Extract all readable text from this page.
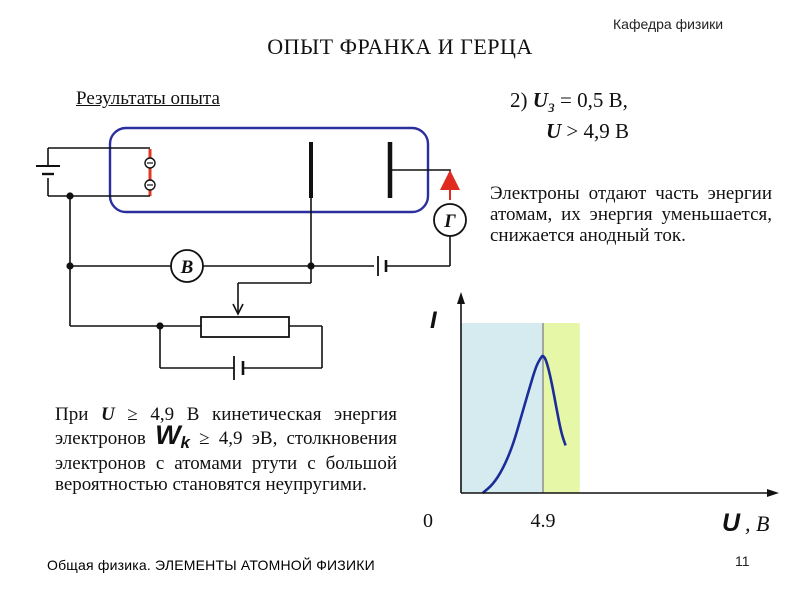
Кафедра физики
ОПЫТ ФРАНКА И ГЕРЦА
Результаты опыта	2) $U_з = 0,5$ В,
U > 4,9 В
Электроны отдают часть энергии атомам, их энергия уменьшается, снижается анодный ток.
При U ≥ 4,9 В кинетическая энергия электронов Wk ≥ 4,9 эВ, столкновения электронов с атомами ртути с большой вероятностью становятся неупругими.
В
Г
I
0	4.9	U , В
Общая физика. ЭЛЕМЕНТЫ АТОМНОЙ ФИЗИКИ	11
